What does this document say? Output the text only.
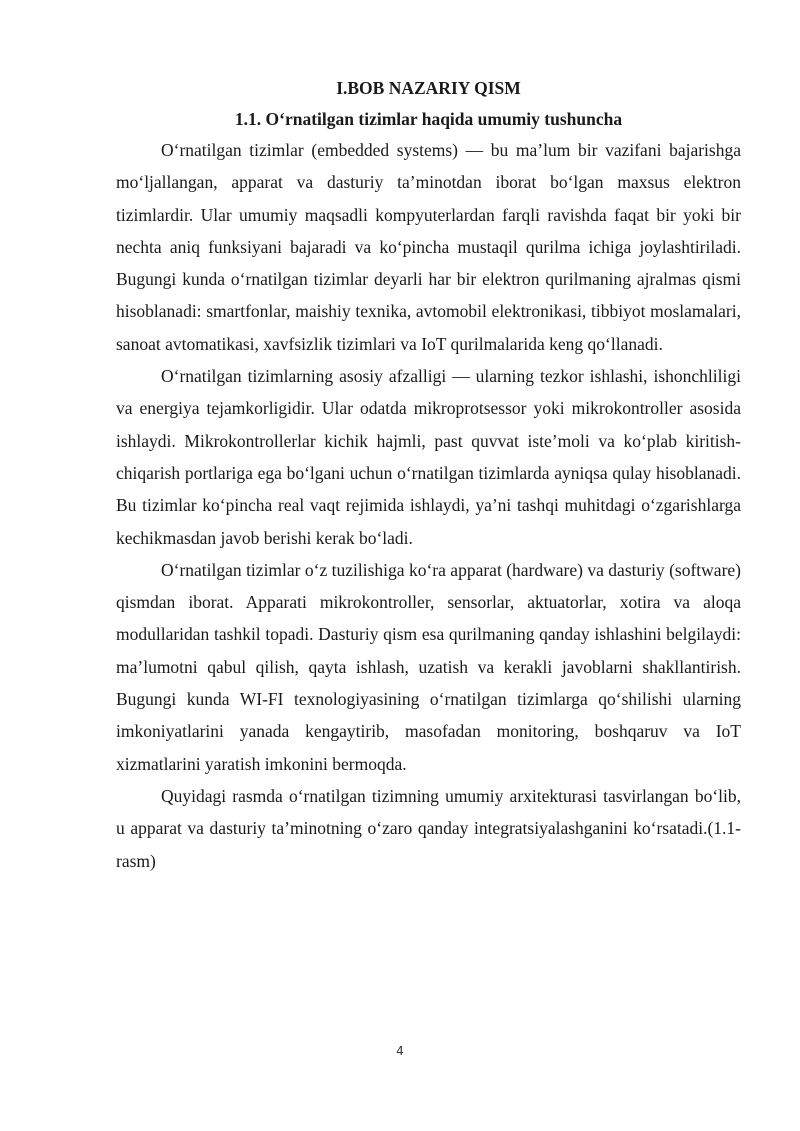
I.BOB NAZARIY QISM
1.1. O‘rnatilgan tizimlar haqida umumiy tushuncha

O‘rnatilgan tizimlar (embedded systems) — bu ma’lum bir vazifani bajarishga mo‘ljallangan, apparat va dasturiy ta’minotdan iborat bo‘lgan maxsus elektron tizimlardir. Ular umumiy maqsadli kompyuterlardan farqli ravishda faqat bir yoki bir nechta aniq funksiyani bajaradi va ko‘pincha mustaqil qurilma ichiga joylashtiriladi. Bugungi kunda o‘rnatilgan tizimlar deyarli har bir elektron qurilmaning ajralmas qismi hisoblanadi: smartfonlar, maishiy texnika, avtomobil elektronikasi, tibbiyot moslamalari, sanoat avtomatikasi, xavfsizlik tizimlari va IoT qurilmalarida keng qo‘llanadi.

O‘rnatilgan tizimlarning asosiy afzalligi — ularning tezkor ishlashi, ishonchliligi va energiya tejamkorligidir. Ular odatda mikroprotsessor yoki mikrokontroller asosida ishlaydi. Mikrokontrollerlar kichik hajmli, past quvvat iste’moli va ko‘plab kiritish-chiqarish portlariga ega bo‘lgani uchun o‘rnatilgan tizimlarda ayniqsa qulay hisoblanadi. Bu tizimlar ko‘pincha real vaqt rejimida ishlaydi, ya’ni tashqi muhitdagi o‘zgarishlarga kechikmasdan javob berishi kerak bo‘ladi.

O‘rnatilgan tizimlar o‘z tuzilishiga ko‘ra apparat (hardware) va dasturiy (software) qismdan iborat. Apparati mikrokontroller, sensorlar, aktuatorlar, xotira va aloqa modullaridan tashkil topadi. Dasturiy qism esa qurilmaning qanday ishlashini belgilaydi: ma’lumotni qabul qilish, qayta ishlash, uzatish va kerakli javoblarni shakllantirish. Bugungi kunda WI-FI texnologiyasining o‘rnatilgan tizimlarga qo‘shilishi ularning imkoniyatlarini yanada kengaytirib, masofadan monitoring, boshqaruv va IoT xizmatlarini yaratish imkonini bermoqda.

Quyidagi rasmda o‘rnatilgan tizimning umumiy arxitekturasi tasvirlangan bo‘lib, u apparat va dasturiy ta’minotning o‘zaro qanday integratsiyalashganini ko‘rsatadi.(1.1-rasm)

4
